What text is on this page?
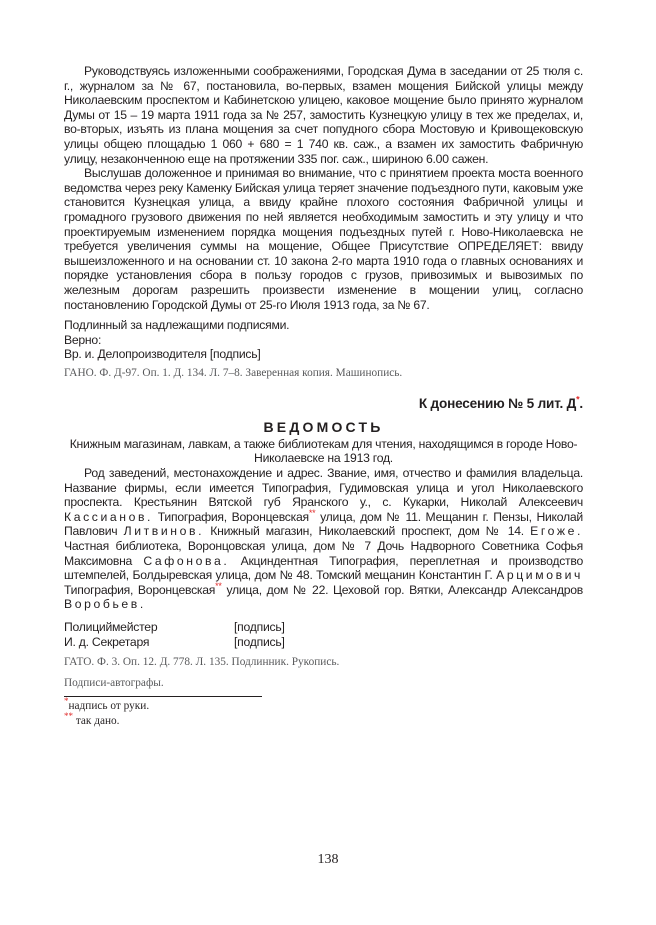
Руководствуясь изложенными соображениями, Городская Дума в заседании от 25 тюля с. г., журналом за № 67, постановила, во-первых, взамен мощения Бийской улицы между Николаевским проспектом и Кабинетскою улицею, каковое мощение было принято журналом Думы от 15 – 19 марта 1911 года за № 257, замостить Кузнецкую улицу в тех же пределах, и, во-вторых, изъять из плана мощения за счет попудного сбора Мостовую и Кривощековскую улицы общею площадью 1 060 + 680 = 1 740 кв. саж., а взамен их замостить Фабричную улицу, незаконченною еще на протяжении 335 пог. саж., шириною 6.00 сажен.

Выслушав доложенное и принимая во внимание, что с принятием проекта моста военного ведомства через реку Каменку Бийская улица теряет значение подъездного пути, каковым уже становится Кузнецкая улица, а ввиду крайне плохого состояния Фабричной улицы и громадного грузового движения по ней является необходимым замостить и эту улицу и что проектируемым изменением порядка мощения подъездных путей г. Ново-Николаевска не требуется увеличения суммы на мощение, Общее Присутствие ОПРЕДЕЛЯЕТ: ввиду вышеизложенного и на основании ст. 10 закона 2-го марта 1910 года о главных основаниях и порядке установления сбора в пользу городов с грузов, привозимых и вывозимых по железным дорогам разрешить произвести изменение в мощении улиц, согласно постановлению Городской Думы от 25-го Июля 1913 года, за № 67.

Подлинный за надлежащими подписями.

Верно:

Вр. и. Делопроизводителя [подпись]

ГАНО. Ф. Д-97. Оп. 1. Д. 134. Л. 7–8. Заверенная копия. Машинопись.

К донесению № 5 лит. Д*.

ВЕДОМОСТЬ

Книжным магазинам, лавкам, а также библиотекам для чтения, находящимся в городе Ново-Николаевске на 1913 год.

Род заведений, местонахождение и адрес. Звание, имя, отчество и фамилия владельца. Название фирмы, если имеется Типография, Гудимовская улица и угол Николаевского проспекта. Крестьянин Вятской губ Яранского у., с. Кукарки, Николай Алексеевич Кассианов. Типография, Воронцевская** улица, дом № 11. Мещанин г. Пензы, Николай Павлович Литвинов. Книжный магазин, Николаевский проспект, дом № 14. Егоже. Частная библиотека, Воронцовская улица, дом № 7 Дочь Надворного Советника Софья Максимовна Сафонова. Акциндентная Типография, переплетная и производство штемпелей, Болдыревская улица, дом № 48. Томский мещанин Константин Г. Арцимович Типография, Воронцевская** улица, дом № 22. Цеховой гор. Вятки, Александр Александров Воробьев.

Полициймейстер	[подпись]
И. д. Секретаря	[подпись]

ГАТО. Ф. 3. Оп. 12. Д. 778. Л. 135. Подлинник. Рукопись.

Подписи-автографы.

*надпись от руки.

** так дано.

138
